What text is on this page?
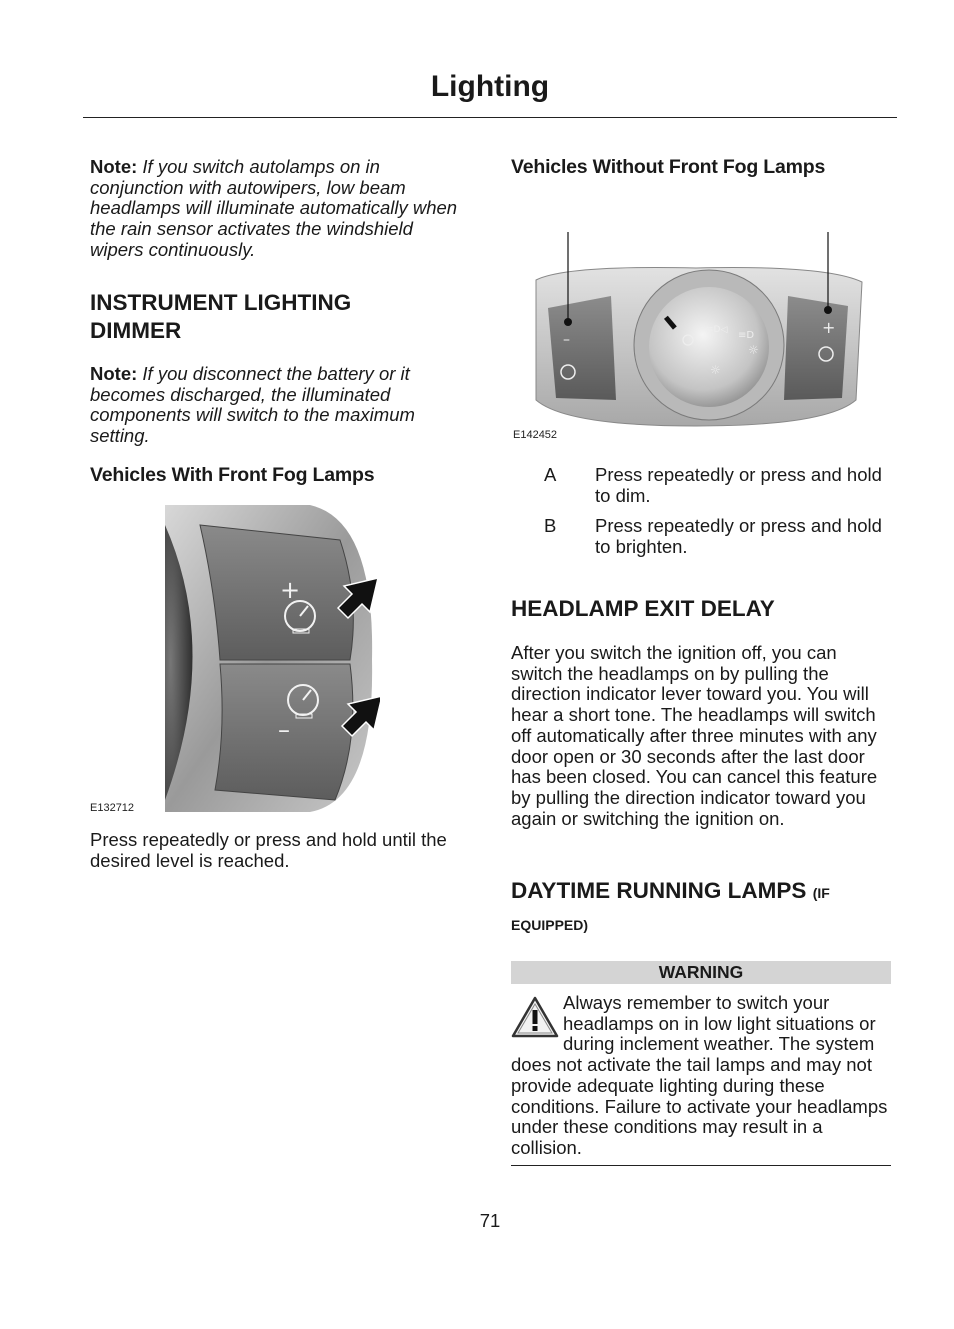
Lighting

Note: If you switch autolamps on in conjunction with autowipers, low beam headlamps will illuminate automatically when the rain sensor activates the windshield wipers continuously.

INSTRUMENT LIGHTING DIMMER

Note: If you disconnect the battery or it becomes discharged, the illuminated components will switch to the maximum setting.

Vehicles With Front Fog Lamps
+
–
E132712

Press repeatedly or press and hold until the desired level is reached.

Vehicles Without Front Fog Lamps
–
+
≡D◁ ≡D
☼
☼
E142452
A Press repeatedly or press and hold to dim.
B Press repeatedly or press and hold to brighten.
HEADLAMP EXIT DELAY

After you switch the ignition off, you can switch the headlamps on by pulling the direction indicator lever toward you. You will hear a short tone. The headlamps will switch off automatically after three minutes with any door open or 30 seconds after the last door has been closed. You can cancel this feature by pulling the direction indicator toward you again or switching the ignition on.

DAYTIME RUNNING LAMPS (IF
EQUIPPED)
WARNING
Always remember to switch your headlamps on in low light situations or during inclement weather. The system does not activate the tail lamps and may not provide adequate lighting during these conditions. Failure to activate your headlamps under these conditions may result in a collision.
71
